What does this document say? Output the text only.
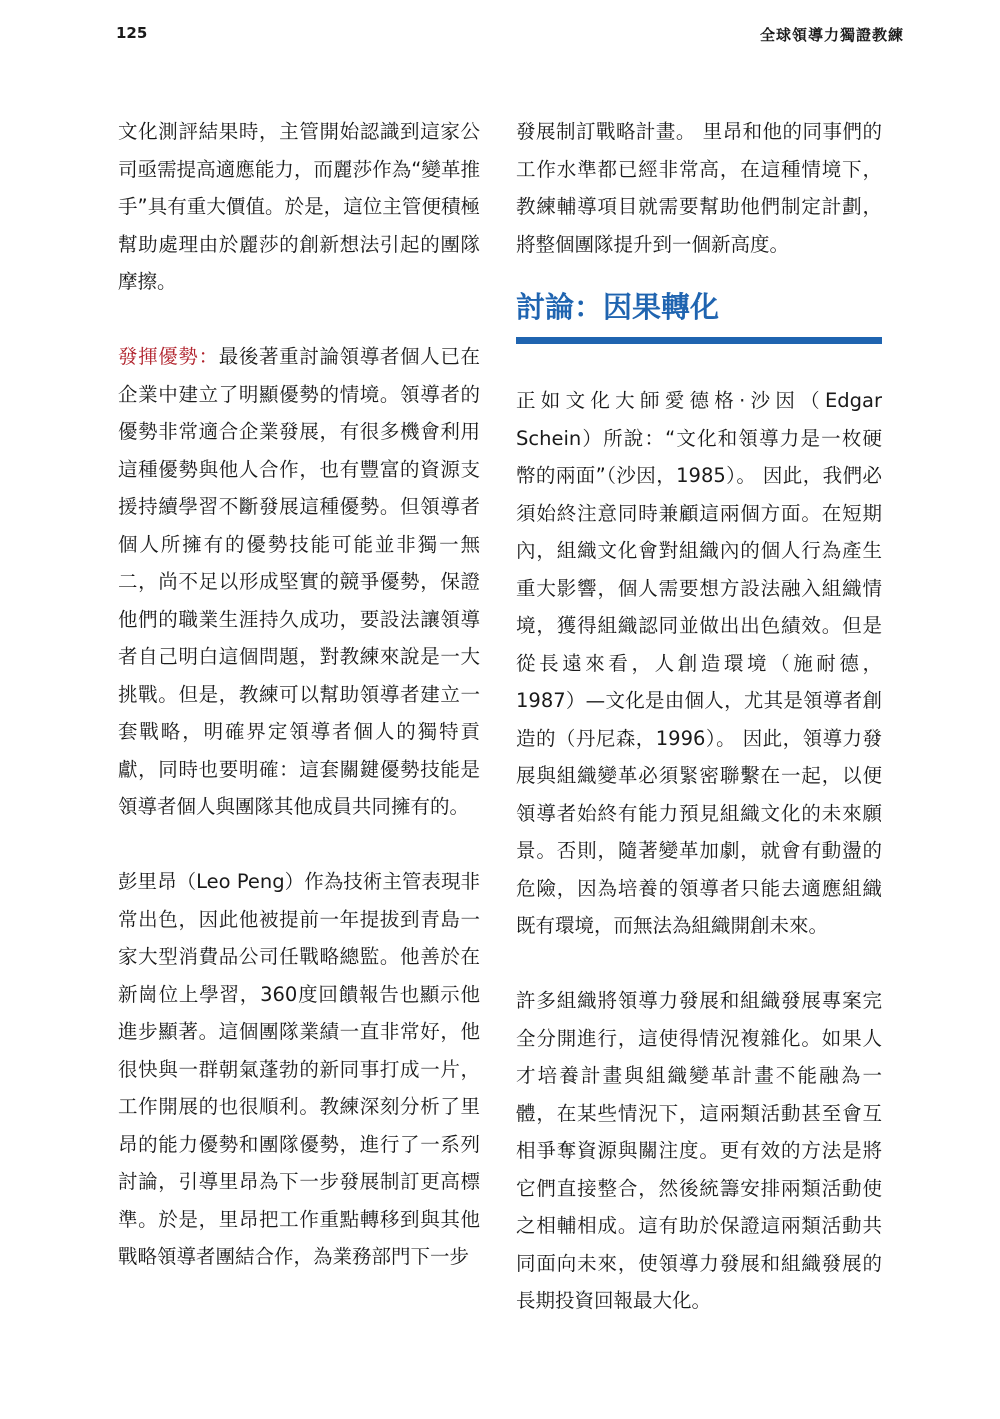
125	全球領導力獨證教練

文化測評結果時，主管開始認識到這家公司亟需提高適應能力，而麗莎作為“變革推手”具有重大價值。於是，這位主管便積極幫助處理由於麗莎的創新想法引起的團隊摩擦。

發揮優勢：最後著重討論領導者個人已在企業中建立了明顯優勢的情境。領導者的優勢非常適合企業發展，有很多機會利用這種優勢與他人合作，也有豐富的資源支援持續學習不斷發展這種優勢。但領導者個人所擁有的優勢技能可能並非獨一無二，尚不足以形成堅實的競爭優勢，保證他們的職業生涯持久成功，要設法讓領導者自己明白這個問題，對教練來說是一大挑戰。但是，教練可以幫助領導者建立一套戰略，明確界定領導者個人的獨特貢獻，同時也要明確：這套關鍵優勢技能是領導者個人與團隊其他成員共同擁有的。

彭里昂（Leo Peng）作為技術主管表現非常出色，因此他被提前一年提拔到青島一家大型消費品公司任戰略總監。他善於在新崗位上學習，360度回饋報告也顯示他進步顯著。這個團隊業績一直非常好，他很快與一群朝氣蓬勃的新同事打成一片，工作開展的也很順利。教練深刻分析了里昂的能力優勢和團隊優勢，進行了一系列討論，引導里昂為下一步發展制訂更高標準。於是，里昂把工作重點轉移到與其他戰略領導者團結合作，為業務部門下一步

發展制訂戰略計畫。 里昂和他的同事們的工作水準都已經非常高，在這種情境下，教練輔導項目就需要幫助他們制定計劃，將整個團隊提升到一個新高度。

討論：因果轉化

正如文化大師愛德格·沙因（Edgar Schein）所說：“文化和領導力是一枚硬幣的兩面”（沙因，1985）。 因此，我們必須始終注意同時兼顧這兩個方面。在短期內，組織文化會對組織內的個人行為產生重大影響，個人需要想方設法融入組織情境，獲得組織認同並做出出色績效。但是從長遠來看，人創造環境（施耐德，1987）—文化是由個人，尤其是領導者創造的（丹尼森，1996）。 因此，領導力發展與組織變革必須緊密聯繫在一起，以便領導者始終有能力預見組織文化的未來願景。否則，隨著變革加劇，就會有動盪的危險，因為培養的領導者只能去適應組織既有環境，而無法為組織開創未來。

許多組織將領導力發展和組織發展專案完全分開進行，這使得情況複雜化。如果人才培養計畫與組織變革計畫不能融為一體，在某些情況下，這兩類活動甚至會互相爭奪資源與關注度。更有效的方法是將它們直接整合，然後統籌安排兩類活動使之相輔相成。這有助於保證這兩類活動共同面向未來，使領導力發展和組織發展的長期投資回報最大化。
